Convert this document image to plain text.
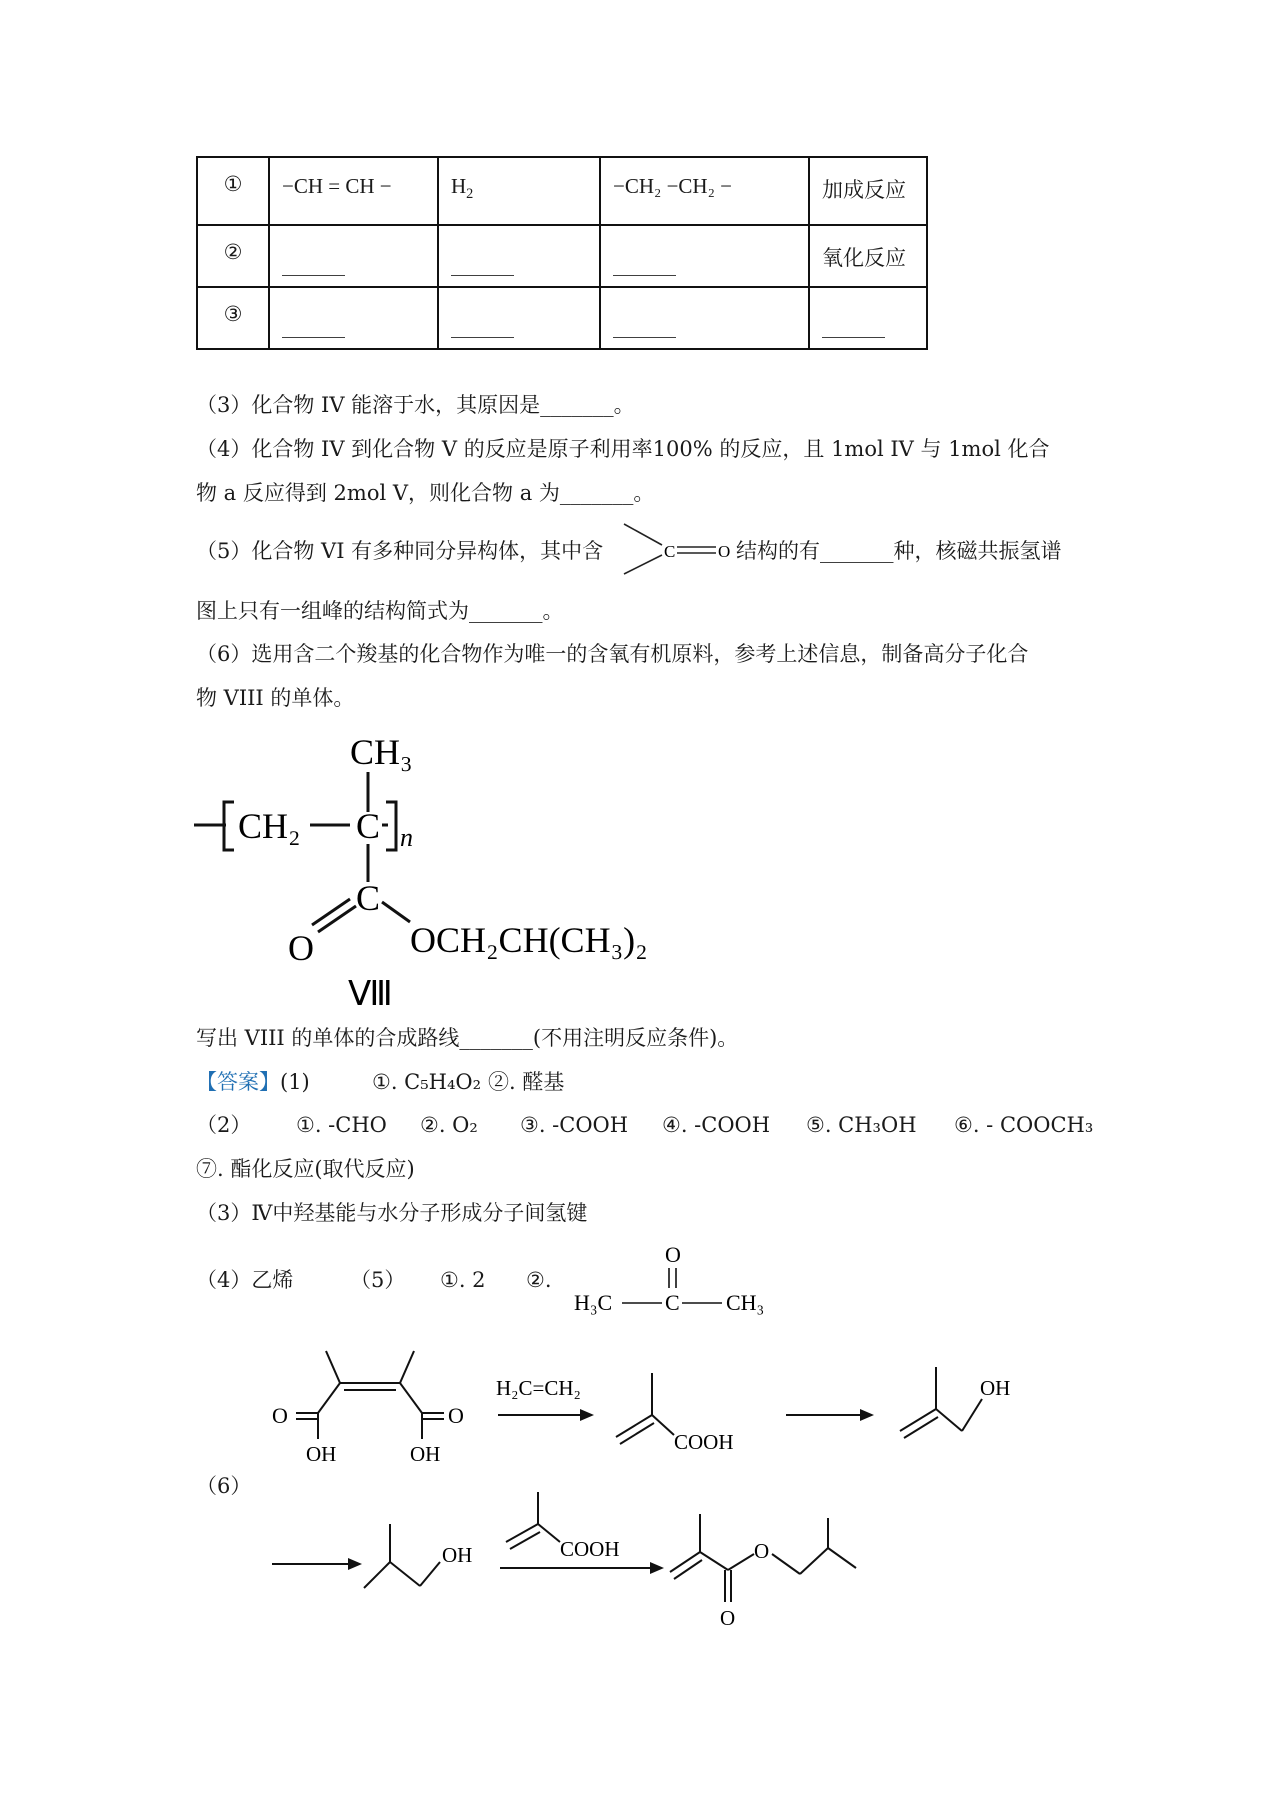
①	−CH = CH −	$H_2$	−CH₂ −CH₂ −	加成反应
②	______	______	______	氧化反应
③	______	______	______	______
（3）化合物 IV 能溶于水，其原因是_______。
（4）化合物 IV 到化合物 V 的反应是原子利用率100% 的反应，且 1mol IV 与 1mol 化合
物 a 反应得到 2mol V，则化合物 a 为_______。
（5）化合物 VI 有多种同分异构体，其中含	C	O 结构的有_______种，核磁共振氢谱
图上只有一组峰的结构简式为_______。
（6）选用含二个羧基的化合物作为唯一的含氧有机原料，参考上述信息，制备高分子化合
物 VIII 的单体。
CH₃
CH₂ C n
C
O	OCH₂CH(CH₃)₂
Ⅷ
写出 VIII 的单体的合成路线_______(不用注明反应条件)。
【答案】(1)	①. C₅H₄O₂ ②. 醛基
（2） ①. -CHO ②. O₂ ③. -COOH ④. -COOH ⑤. CH₃OH ⑥. - COOCH₃
⑦. 酯化反应(取代反应)
（3）Ⅳ中羟基能与水分子形成分子间氢键
（4）乙烯	（5） ①. 2 ②.
O
H₃C C CH₃
O
OH
O
OH
H₂C=CH₂
COOH
OH
（6）
OH	COOH
O
O
